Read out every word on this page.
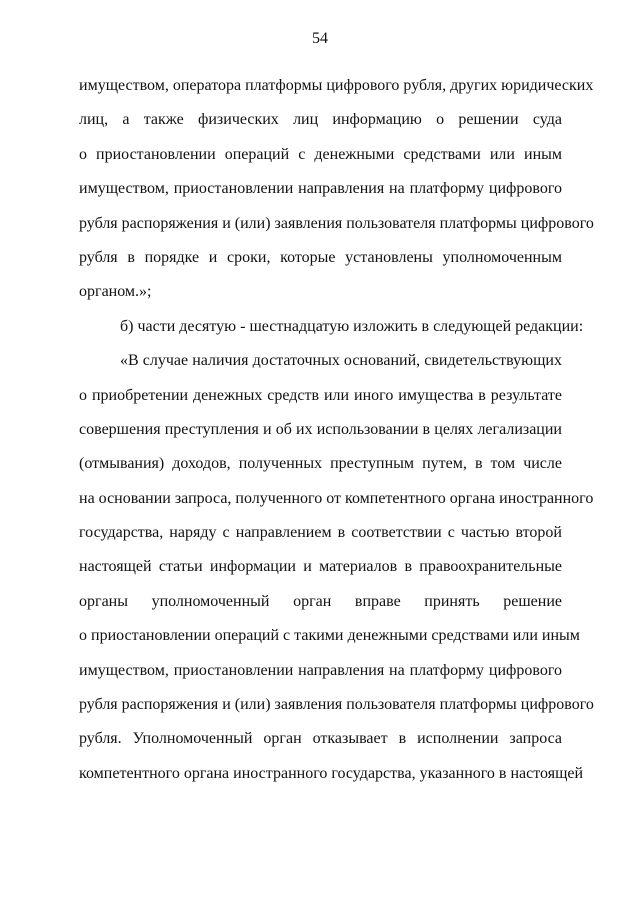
54
имуществом, оператора платформы цифрового рубля, других юридических
лиц, а также физических лиц информацию о решении суда
о приостановлении операций с денежными средствами или иным
имуществом, приостановлении направления на платформу цифрового
рубля распоряжения и (или) заявления пользователя платформы цифрового
рубля в порядке и сроки, которые установлены уполномоченным
органом.»;
б) части десятую - шестнадцатую изложить в следующей редакции:
«В случае наличия достаточных оснований, свидетельствующих
о приобретении денежных средств или иного имущества в результате
совершения преступления и об их использовании в целях легализации
(отмывания) доходов, полученных преступным путем, в том числе
на основании запроса, полученного от компетентного органа иностранного
государства, наряду с направлением в соответствии с частью второй
настоящей статьи информации и материалов в правоохранительные
органы уполномоченный орган вправе принять решение
о приостановлении операций с такими денежными средствами или иным
имуществом, приостановлении направления на платформу цифрового
рубля распоряжения и (или) заявления пользователя платформы цифрового
рубля. Уполномоченный орган отказывает в исполнении запроса
компетентного органа иностранного государства, указанного в настоящей
